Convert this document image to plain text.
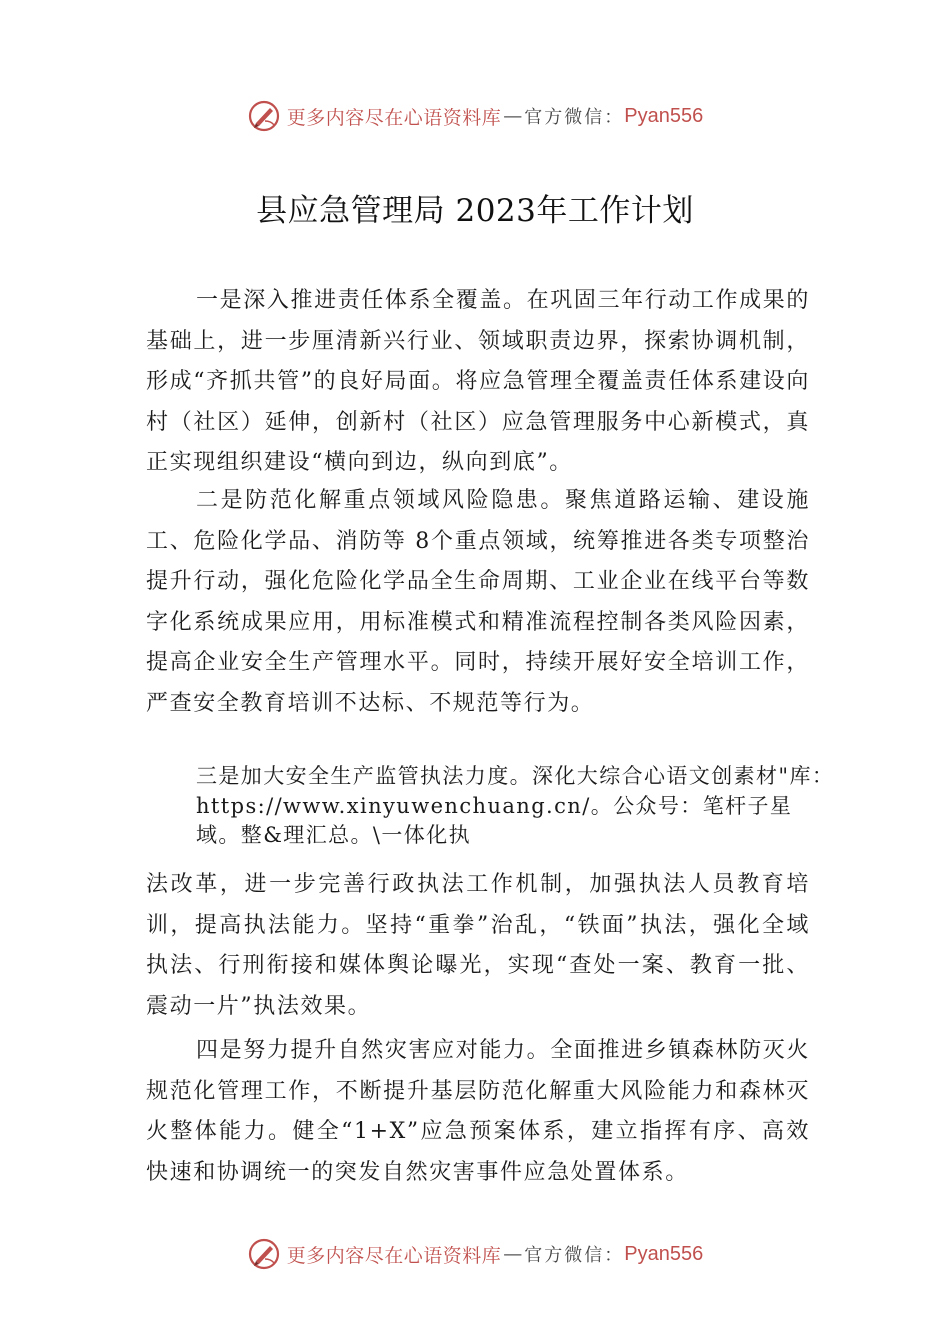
更多内容尽在心语资料库 — 官方微信： Pyan556
县应急管理局 2023年工作计划

一是深入推进责任体系全覆盖。在巩固三年行动工作成果的基础上，进一步厘清新兴行业、领域职责边界，探索协调机制，形成“齐抓共管”的良好局面。将应急管理全覆盖责任体系建设向村（社区）延伸，创新村（社区）应急管理服务中心新模式，真正实现组织建设“横向到边，纵向到底”。

二是防范化解重点领域风险隐患。聚焦道路运输、建设施工、危险化学品、消防等 8个重点领域，统筹推进各类专项整治提升行动，强化危险化学品全生命周期、工业企业在线平台等数字化系统成果应用，用标准模式和精准流程控制各类风险因素，提高企业安全生产管理水平。同时，持续开展好安全培训工作，严查安全教育培训不达标、不规范等行为。

三是加大安全生产监管执法力度。深化大综合心语文创素材"库：https://www.xinyuwenchuang.cn/。公众号：笔杆子星域。整&理汇总。\一体化执

法改革，进一步完善行政执法工作机制，加强执法人员教育培训，提高执法能力。坚持“重拳”治乱，“铁面”执法，强化全域执法、行刑衔接和媒体舆论曝光，实现“查处一案、教育一批、震动一片”执法效果。

四是努力提升自然灾害应对能力。全面推进乡镇森林防灭火规范化管理工作，不断提升基层防范化解重大风险能力和森林灭火整体能力。健全“1+X”应急预案体系，建立指挥有序、高效快速和协调统一的突发自然灾害事件应急处置体系。

更多内容尽在心语资料库 — 官方微信： Pyan556
